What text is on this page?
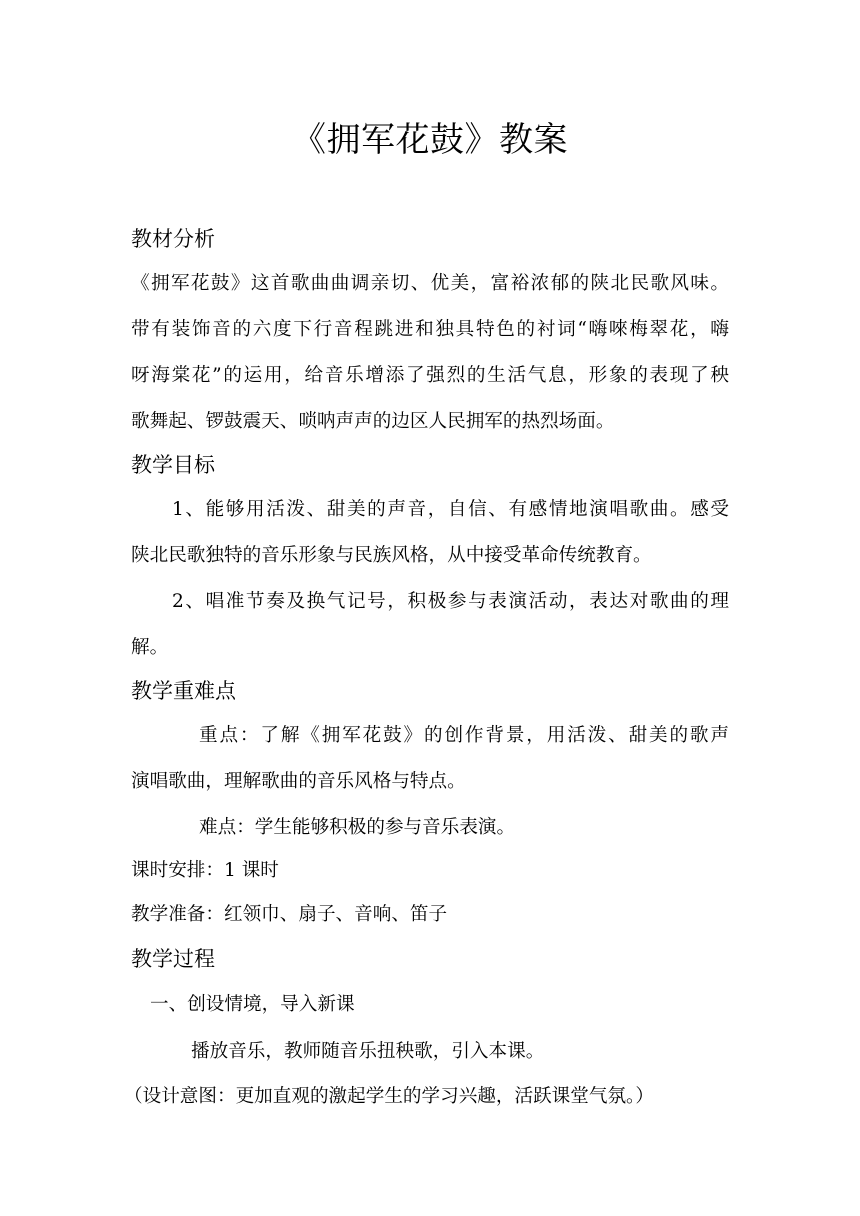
《拥军花鼓》教案
教材分析
《拥军花鼓》这首歌曲曲调亲切、优美，富裕浓郁的陕北民歌风味。
带有装饰音的六度下行音程跳进和独具特色的衬词“嗨唻梅翠花，嗨
呀海棠花”的运用，给音乐增添了强烈的生活气息，形象的表现了秧
歌舞起、锣鼓震天、唢呐声声的边区人民拥军的热烈场面。
教学目标
1、能够用活泼、甜美的声音，自信、有感情地演唱歌曲。感受
陕北民歌独特的音乐形象与民族风格，从中接受革命传统教育。
2、唱准节奏及换气记号，积极参与表演活动，表达对歌曲的理
解。
教学重难点
重点：了解《拥军花鼓》的创作背景，用活泼、甜美的歌声
演唱歌曲，理解歌曲的音乐风格与特点。
难点：学生能够积极的参与音乐表演。
课时安排：1 课时
教学准备：红领巾、扇子、音响、笛子
教学过程
一、创设情境，导入新课
播放音乐，教师随音乐扭秧歌，引入本课。
（设计意图：更加直观的激起学生的学习兴趣，活跃课堂气氛。）
